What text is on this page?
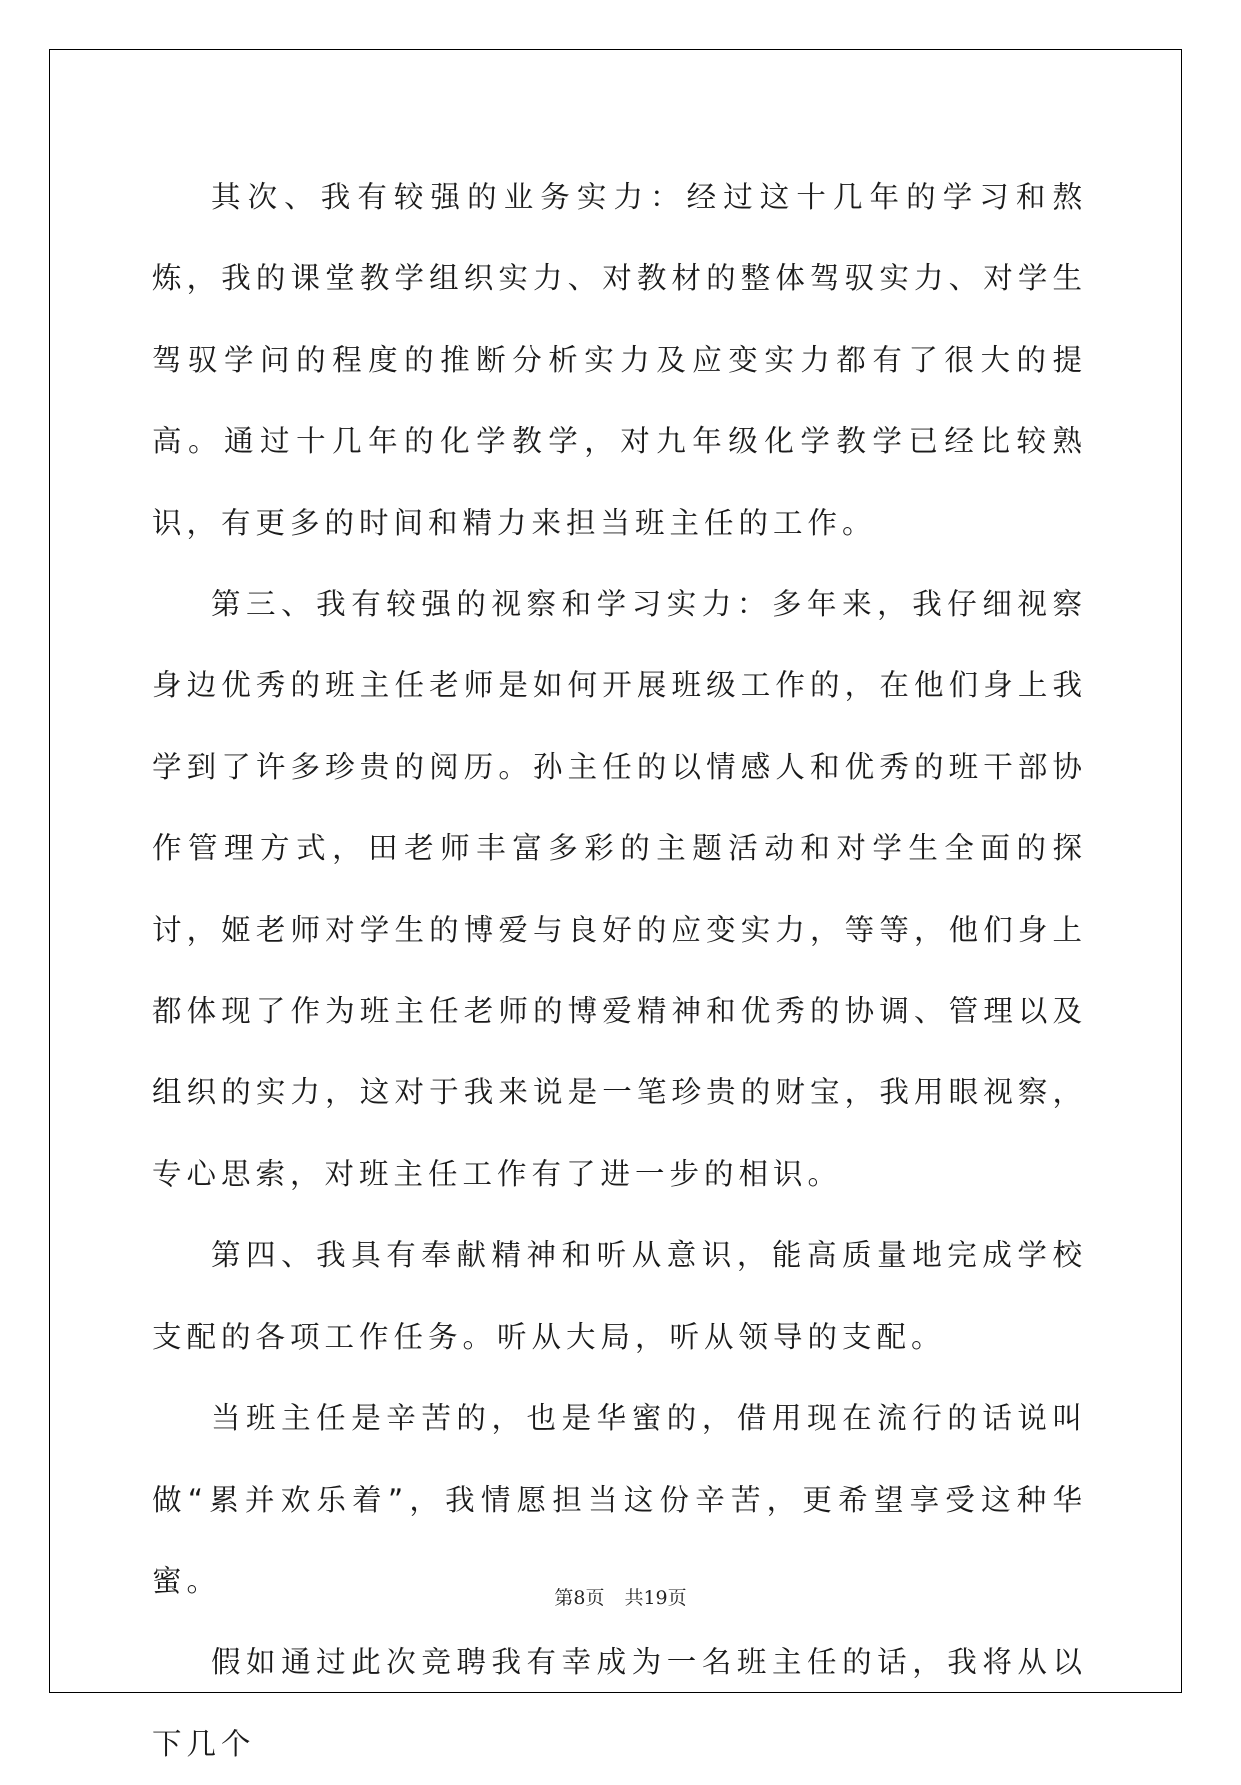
其次、我有较强的业务实力：经过这十几年的学习和熬炼，我的课堂教学组织实力、对教材的整体驾驭实力、对学生驾驭学问的程度的推断分析实力及应变实力都有了很大的提高。通过十几年的化学教学，对九年级化学教学已经比较熟识，有更多的时间和精力来担当班主任的工作。

第三、我有较强的视察和学习实力：多年来，我仔细视察身边优秀的班主任老师是如何开展班级工作的，在他们身上我学到了许多珍贵的阅历。孙主任的以情感人和优秀的班干部协作管理方式，田老师丰富多彩的主题活动和对学生全面的探讨，姬老师对学生的博爱与良好的应变实力，等等，他们身上都体现了作为班主任老师的博爱精神和优秀的协调、管理以及组织的实力，这对于我来说是一笔珍贵的财宝，我用眼视察，专心思索，对班主任工作有了进一步的相识。

第四、我具有奉献精神和听从意识，能高质量地完成学校支配的各项工作任务。听从大局，听从领导的支配。

当班主任是辛苦的，也是华蜜的，借用现在流行的话说叫做“累并欢乐着”，我情愿担当这份辛苦，更希望享受这种华蜜。

假如通过此次竞聘我有幸成为一名班主任的话，我将从以下几个

第8页 共19页
